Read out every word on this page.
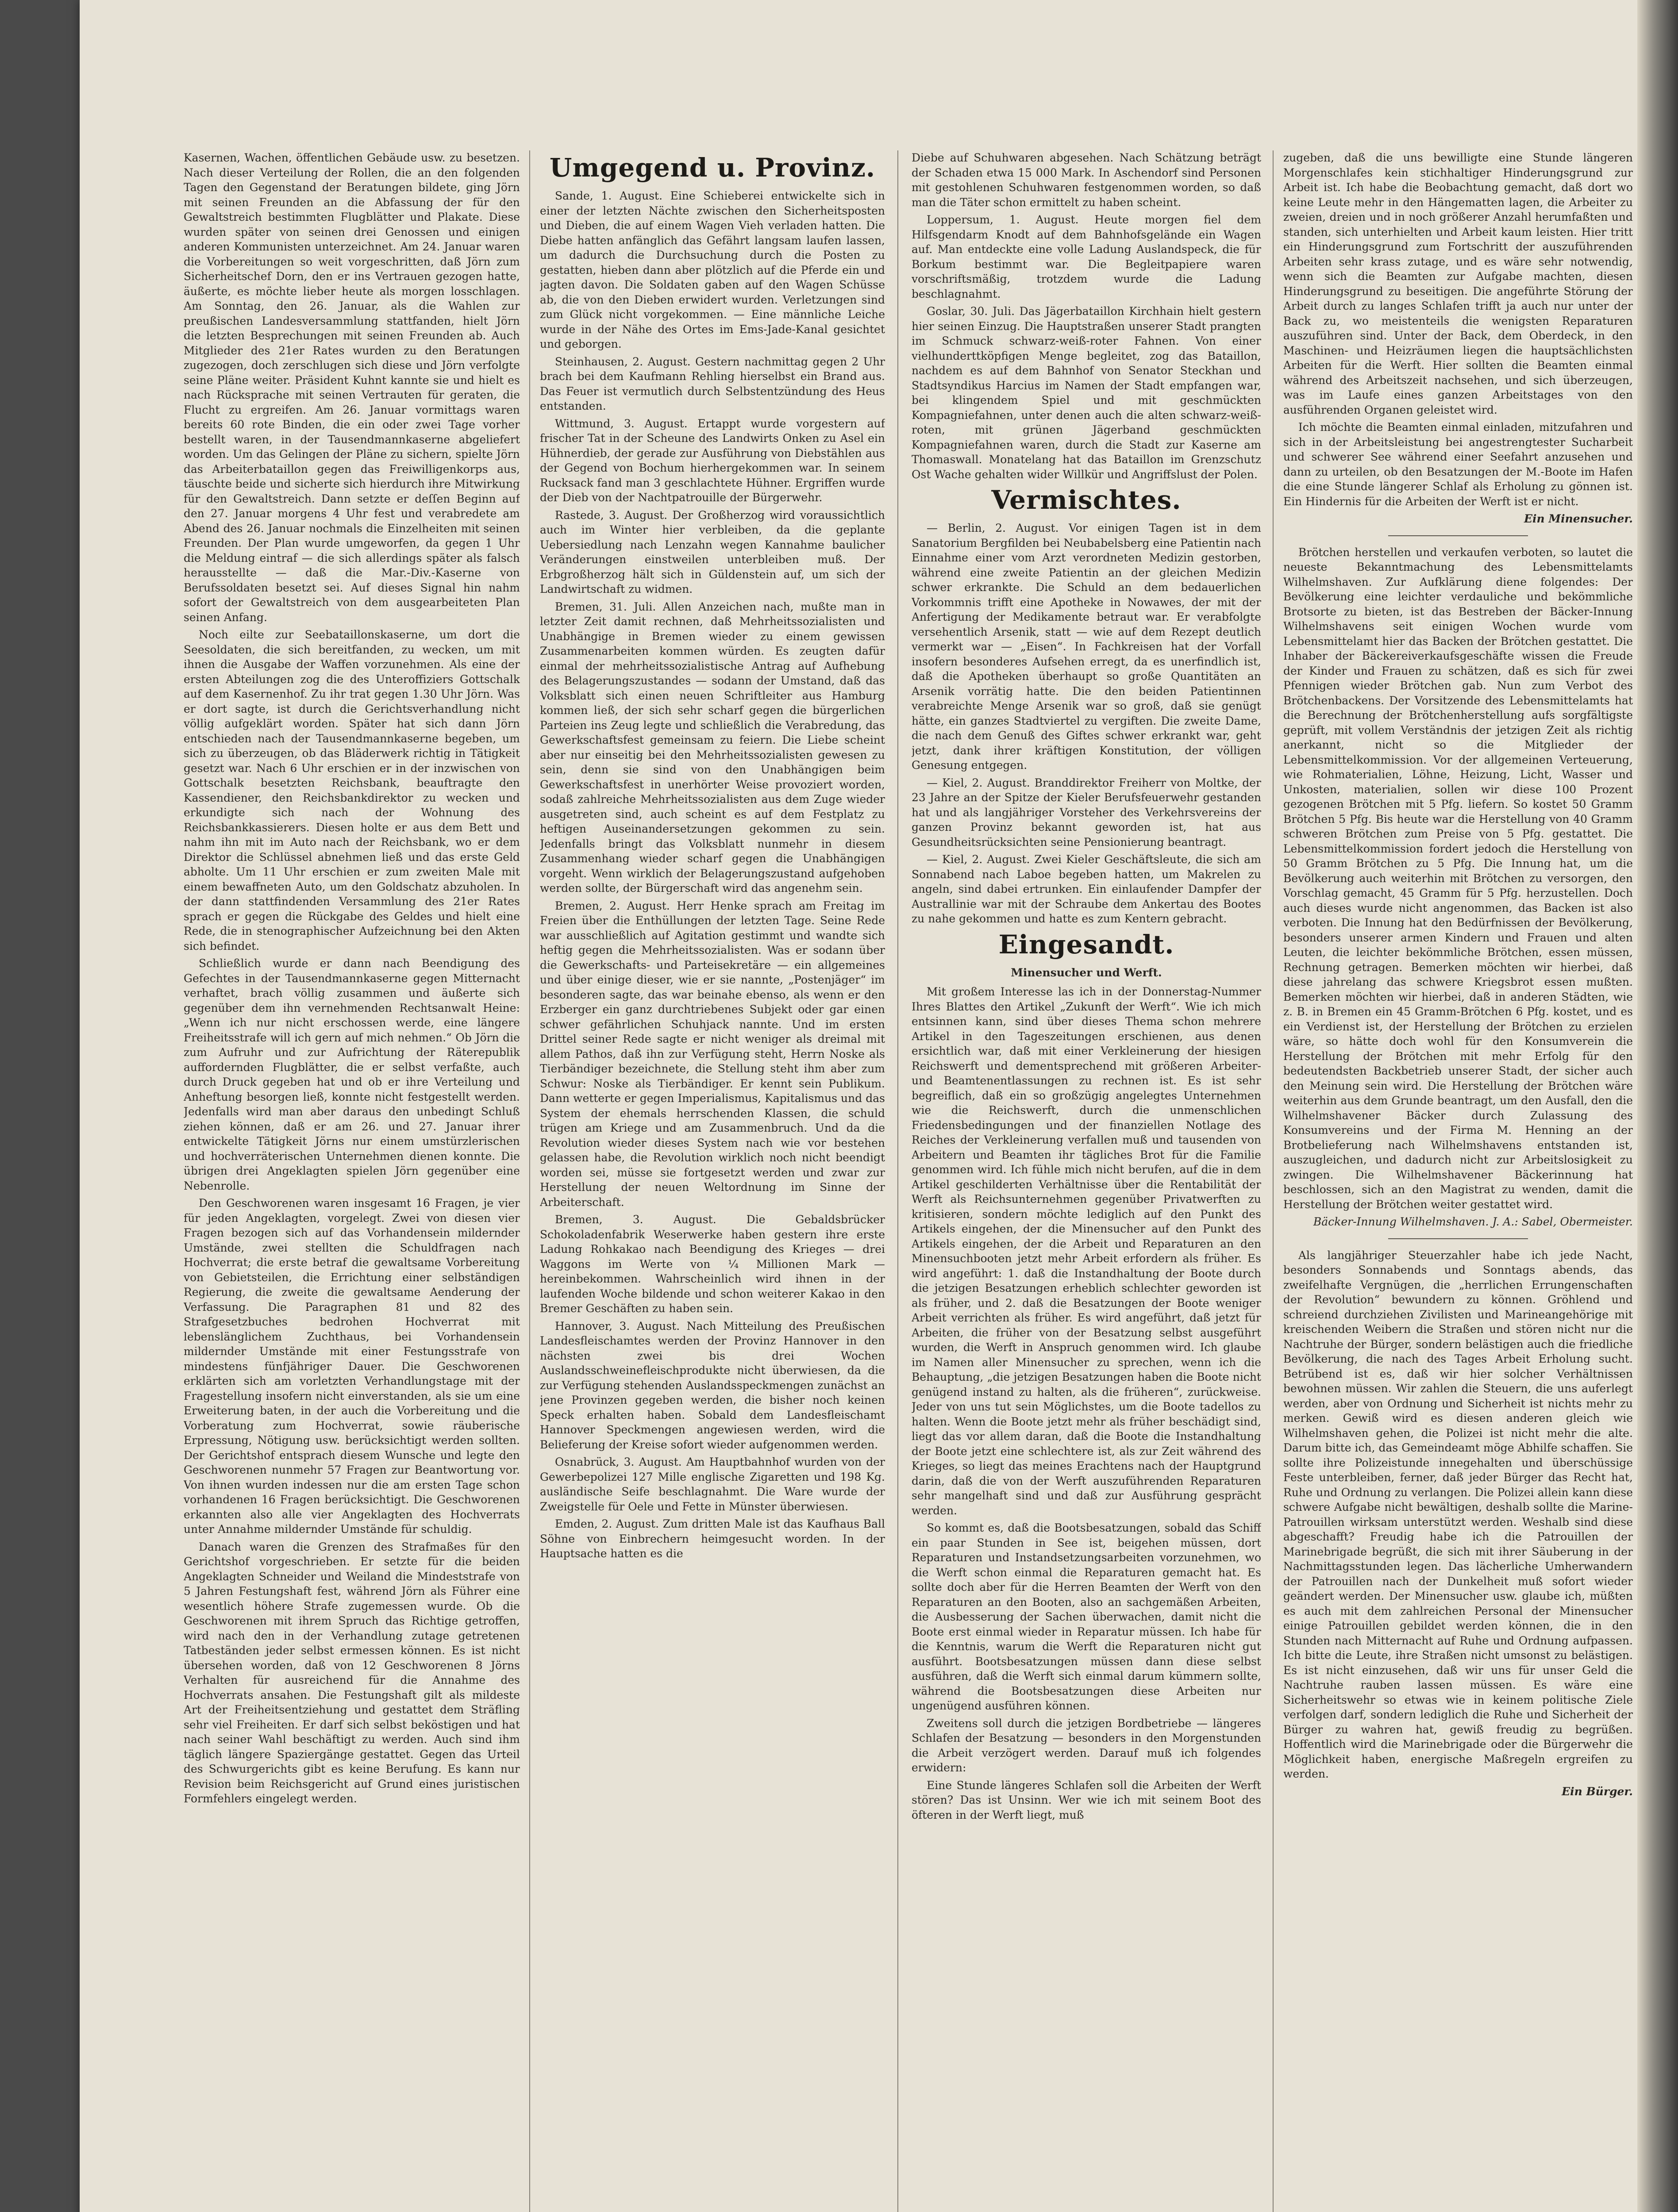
Kasernen, Wachen, öffentlichen Gebäude usw. zu besetzen. Nach dieser Verteilung der Rollen, die an den folgenden Tagen den Gegenstand der Beratungen bildete, ging Jörn mit seinen Freunden an die Abfassung der für den Gewaltstreich bestimmten Flugblätter und Plakate. Diese wurden später von seinen drei Genossen und einigen anderen Kommunisten unterzeichnet. Am 24. Januar waren die Vorbereitungen so weit vorgeschritten, daß Jörn zum Sicherheitschef Dorn, den er ins Vertrauen gezogen hatte, äußerte, es möchte lieber heute als morgen losschlagen. Am Sonntag, den 26. Januar, als die Wahlen zur preußischen Landesversammlung stattfanden, hielt Jörn die letzten Besprechungen mit seinen Freunden ab. Auch Mitglieder des 21er Rates wurden zu den Beratungen zugezogen, doch zerschlugen sich diese und Jörn verfolgte seine Pläne weiter. Präsident Kuhnt kannte sie und hielt es nach Rücksprache mit seinen Vertrauten für geraten, die Flucht zu ergreifen. Am 26. Januar vormittags waren bereits 60 rote Binden, die ein oder zwei Tage vorher bestellt waren, in der Tausendmannkaserne abgeliefert worden. Um das Gelingen der Pläne zu sichern, spielte Jörn das Arbeiterbataillon gegen das Freiwilligenkorps aus, täuschte beide und sicherte sich hierdurch ihre Mitwirkung für den Gewaltstreich. Dann setzte er deſſen Beginn auf den 27. Januar morgens 4 Uhr fest und verabredete am Abend des 26. Januar nochmals die Einzelheiten mit seinen Freunden. Der Plan wurde umgeworfen, da gegen 1 Uhr die Meldung eintraf — die sich allerdings später als falsch herausstellte — daß die Mar.-Div.-Kaserne von Berufssoldaten besetzt sei. Auf dieses Signal hin nahm sofort der Gewaltstreich von dem ausgearbeiteten Plan seinen Anfang.

Noch eilte zur Seebataillonskaserne, um dort die Seesoldaten, die sich bereitfanden, zu wecken, um mit ihnen die Ausgabe der Waffen vorzunehmen. Als eine der ersten Abteilungen zog die des Unteroffiziers Gottschalk auf dem Kasernenhof. Zu ihr trat gegen 1.30 Uhr Jörn. Was er dort sagte, ist durch die Gerichtsverhandlung nicht völlig aufgeklärt worden. Später hat sich dann Jörn entschieden nach der Tausendmannkaserne begeben, um sich zu überzeugen, ob das Bläderwerk richtig in Tätigkeit gesetzt war. Nach 6 Uhr erschien er in der inzwischen von Gottschalk besetzten Reichsbank, beauftragte den Kassendiener, den Reichsbankdirektor zu wecken und erkundigte sich nach der Wohnung des Reichsbankkassierers. Diesen holte er aus dem Bett und nahm ihn mit im Auto nach der Reichsbank, wo er dem Direktor die Schlüssel abnehmen ließ und das erste Geld abholte. Um 11 Uhr erschien er zum zweiten Male mit einem bewaffneten Auto, um den Goldschatz abzuholen. In der dann stattfindenden Versammlung des 21er Rates sprach er gegen die Rückgabe des Geldes und hielt eine Rede, die in stenographischer Aufzeichnung bei den Akten sich befindet.

Schließlich wurde er dann nach Beendigung des Gefechtes in der Tausendmannkaserne gegen Mitternacht verhaftet, brach völlig zusammen und äußerte sich gegenüber dem ihn vernehmenden Rechtsanwalt Heine: „Wenn ich nur nicht erschossen werde, eine längere Freiheitsstrafe will ich gern auf mich nehmen.“ Ob Jörn die zum Aufruhr und zur Aufrichtung der Räterepublik auffordernden Flugblätter, die er selbst verfaßte, auch durch Druck gegeben hat und ob er ihre Verteilung und Anheftung besorgen ließ, konnte nicht festgestellt werden. Jedenfalls wird man aber daraus den unbedingt Schluß ziehen können, daß er am 26. und 27. Januar ihrer entwickelte Tätigkeit Jörns nur einem umstürzlerischen und hochverräterischen Unternehmen dienen konnte. Die übrigen drei Angeklagten spielen Jörn gegenüber eine Nebenrolle.

Den Geschworenen waren insgesamt 16 Fragen, je vier für jeden Angeklagten, vorgelegt. Zwei von diesen vier Fragen bezogen sich auf das Vorhandensein mildernder Umstände, zwei stellten die Schuldfragen nach Hochverrat; die erste betraf die gewaltsame Vorbereitung von Gebietsteilen, die Errichtung einer selbständigen Regierung, die zweite die gewaltsame Aenderung der Verfassung. Die Paragraphen 81 und 82 des Strafgesetzbuches bedrohen Hochverrat mit lebenslänglichem Zuchthaus, bei Vorhandensein mildernder Umstände mit einer Festungsstrafe von mindestens fünfjähriger Dauer. Die Geschworenen erklärten sich am vorletzten Verhandlungstage mit der Fragestellung insofern nicht einverstanden, als sie um eine Erweiterung baten, in der auch die Vorbereitung und die Vorberatung zum Hochverrat, sowie räuberische Erpressung, Nötigung usw. berücksichtigt werden sollten. Der Gerichtshof entsprach diesem Wunsche und legte den Geschworenen nunmehr 57 Fragen zur Beantwortung vor. Von ihnen wurden indessen nur die am ersten Tage schon vorhandenen 16 Fragen berücksichtigt. Die Geschworenen erkannten also alle vier Angeklagten des Hochverrats unter Annahme mildernder Umstände für schuldig.

Danach waren die Grenzen des Strafmaßes für den Gerichtshof vorgeschrieben. Er setzte für die beiden Angeklagten Schneider und Weiland die Mindeststrafe von 5 Jahren Festungshaft fest, während Jörn als Führer eine wesentlich höhere Strafe zugemessen wurde. Ob die Geschworenen mit ihrem Spruch das Richtige getroffen, wird nach den in der Verhandlung zutage getretenen Tatbeständen jeder selbst ermessen können. Es ist nicht übersehen worden, daß von 12 Geschworenen 8 Jörns Verhalten für ausreichend für die Annahme des Hochverrats ansahen. Die Festungshaft gilt als mildeste Art der Freiheitsentziehung und gestattet dem Sträfling sehr viel Freiheiten. Er darf sich selbst beköstigen und hat nach seiner Wahl beschäftigt zu werden. Auch sind ihm täglich längere Spaziergänge gestattet. Gegen das Urteil des Schwurgerichts gibt es keine Berufung. Es kann nur Revision beim Reichsgericht auf Grund eines juristischen Formfehlers eingelegt werden.

Umgegend u. Provinz.

Sande, 1. August. Eine Schieberei entwickelte sich in einer der letzten Nächte zwischen den Sicherheitsposten und Dieben, die auf einem Wagen Vieh verladen hatten. Die Diebe hatten anfänglich das Gefährt langsam laufen lassen, um dadurch die Durchsuchung durch die Posten zu gestatten, hieben dann aber plötzlich auf die Pferde ein und jagten davon. Die Soldaten gaben auf den Wagen Schüsse ab, die von den Dieben erwidert wurden. Verletzungen sind zum Glück nicht vorgekommen. — Eine männliche Leiche wurde in der Nähe des Ortes im Ems-Jade-Kanal gesichtet und geborgen.

Steinhausen, 2. August. Gestern nachmittag gegen 2 Uhr brach bei dem Kaufmann Rehling hierselbst ein Brand aus. Das Feuer ist vermutlich durch Selbstentzündung des Heus entstanden.

Wittmund, 3. August. Ertappt wurde vorgestern auf frischer Tat in der Scheune des Landwirts Onken zu Asel ein Hühnerdieb, der gerade zur Ausführung von Diebstählen aus der Gegend von Bochum hierhergekommen war. In seinem Rucksack fand man 3 geschlachtete Hühner. Ergriffen wurde der Dieb von der Nachtpatrouille der Bürgerwehr.

Rastede, 3. August. Der Großherzog wird voraussichtlich auch im Winter hier verbleiben, da die geplante Uebersiedlung nach Lenzahn wegen Kannahme baulicher Veränderungen einstweilen unterbleiben muß. Der Erbgroßherzog hält sich in Güldenstein auf, um sich der Landwirtschaft zu widmen.

Bremen, 31. Juli. Allen Anzeichen nach, mußte man in letzter Zeit damit rechnen, daß Mehrheitssozialisten und Unabhängige in Bremen wieder zu einem gewissen Zusammenarbeiten kommen würden. Es zeugten dafür einmal der mehrheitssozialistische Antrag auf Aufhebung des Belagerungszustandes — sodann der Umstand, daß das Volksblatt sich einen neuen Schriftleiter aus Hamburg kommen ließ, der sich sehr scharf gegen die bürgerlichen Parteien ins Zeug legte und schließlich die Verabredung, das Gewerkschaftsfest gemeinsam zu feiern. Die Liebe scheint aber nur einseitig bei den Mehrheitssozialisten gewesen zu sein, denn sie sind von den Unabhängigen beim Gewerkschaftsfest in unerhörter Weise provoziert worden, sodaß zahlreiche Mehrheitssozialisten aus dem Zuge wieder ausgetreten sind, auch scheint es auf dem Festplatz zu heftigen Auseinandersetzungen gekommen zu sein. Jedenfalls bringt das Volksblatt nunmehr in diesem Zusammenhang wieder scharf gegen die Unabhängigen vorgeht. Wenn wirklich der Belagerungszustand aufgehoben werden sollte, der Bürgerschaft wird das angenehm sein.

Bremen, 2. August. Herr Henke sprach am Freitag im Freien über die Enthüllungen der letzten Tage. Seine Rede war ausschließlich auf Agitation gestimmt und wandte sich heftig gegen die Mehrheitssozialisten. Was er sodann über die Gewerkschafts- und Parteisekretäre — ein allgemeines und über einige dieser, wie er sie nannte, „Postenjäger“ im besonderen sagte, das war beinahe ebenso, als wenn er den Erzberger ein ganz durchtriebenes Subjekt oder gar einen schwer gefährlichen Schuhjack nannte. Und im ersten Drittel seiner Rede sagte er nicht weniger als dreimal mit allem Pathos, daß ihn zur Verfügung steht, Herrn Noske als Tierbändiger bezeichnete, die Stellung steht ihm aber zum Schwur: Noske als Tierbändiger. Er kennt sein Publikum. Dann wetterte er gegen Imperialismus, Kapitalismus und das System der ehemals herrschenden Klassen, die schuld trügen am Kriege und am Zusammenbruch. Und da die Revolution wieder dieses System nach wie vor bestehen gelassen habe, die Revolution wirklich noch nicht beendigt worden sei, müsse sie fortgesetzt werden und zwar zur Herstellung der neuen Weltordnung im Sinne der Arbeiterschaft.

Bremen, 3. August. Die Gebaldsbrücker Schokoladenfabrik Weserwerke haben gestern ihre erste Ladung Rohkakao nach Beendigung des Krieges — drei Waggons im Werte von ¼ Millionen Mark — hereinbekommen. Wahrscheinlich wird ihnen in der laufenden Woche bildende und schon weiterer Kakao in den Bremer Geschäften zu haben sein.

Hannover, 3. August. Nach Mitteilung des Preußischen Landesfleischamtes werden der Provinz Hannover in den nächsten zwei bis drei Wochen Auslandsschweinefleischprodukte nicht überwiesen, da die zur Verfügung stehenden Auslandsspeckmengen zunächst an jene Provinzen gegeben werden, die bisher noch keinen Speck erhalten haben. Sobald dem Landesfleischamt Hannover Speckmengen angewiesen werden, wird die Belieferung der Kreise sofort wieder aufgenommen werden.

Osnabrück, 3. August. Am Hauptbahnhof wurden von der Gewerbepolizei 127 Mille englische Zigaretten und 198 Kg. ausländische Seife beschlagnahmt. Die Ware wurde der Zweigstelle für Oele und Fette in Münster überwiesen.

Emden, 2. August. Zum dritten Male ist das Kaufhaus Ball Söhne von Einbrechern heimgesucht worden. In der Hauptsache hatten es die

Diebe auf Schuhwaren abgesehen. Nach Schätzung beträgt der Schaden etwa 15 000 Mark. In Aschendorf sind Personen mit gestohlenen Schuhwaren festgenommen worden, so daß man die Täter schon ermittelt zu haben scheint.

Loppersum, 1. August. Heute morgen fiel dem Hilfsgendarm Knodt auf dem Bahnhofsgelände ein Wagen auf. Man entdeckte eine volle Ladung Auslandspeck, die für Borkum bestimmt war. Die Begleitpapiere waren vorschriftsmäßig, trotzdem wurde die Ladung beschlagnahmt.

Goslar, 30. Juli. Das Jägerbataillon Kirchhain hielt gestern hier seinen Einzug. Die Hauptstraßen unserer Stadt prangten im Schmuck schwarz-weiß-roter Fahnen. Von einer vielhunderttköpfigen Menge begleitet, zog das Bataillon, nachdem es auf dem Bahnhof von Senator Steckhan und Stadtsyndikus Harcius im Namen der Stadt empfangen war, bei klingendem Spiel und mit geschmückten Kompagniefahnen, unter denen auch die alten schwarz-weiß-roten, mit grünen Jägerband geschmückten Kompagniefahnen waren, durch die Stadt zur Kaserne am Thomaswall. Monatelang hat das Bataillon im Grenzschutz Ost Wache gehalten wider Willkür und Angriffslust der Polen.

Vermischtes.

— Berlin, 2. August. Vor einigen Tagen ist in dem Sanatorium Bergfilden bei Neubabelsberg eine Patientin nach Einnahme einer vom Arzt verordneten Medizin gestorben, während eine zweite Patientin an der gleichen Medizin schwer erkrankte. Die Schuld an dem bedauerlichen Vorkommnis trifft eine Apotheke in Nowawes, der mit der Anfertigung der Medikamente betraut war. Er verabfolgte versehentlich Arsenik, statt — wie auf dem Rezept deutlich vermerkt war — „Eisen“. In Fachkreisen hat der Vorfall insofern besonderes Aufsehen erregt, da es unerfindlich ist, daß die Apotheken überhaupt so große Quantitäten an Arsenik vorrätig hatte. Die den beiden Patientinnen verabreichte Menge Arsenik war so groß, daß sie genügt hätte, ein ganzes Stadtviertel zu vergiften. Die zweite Dame, die nach dem Genuß des Giftes schwer erkrankt war, geht jetzt, dank ihrer kräftigen Konstitution, der völligen Genesung entgegen.

— Kiel, 2. August. Branddirektor Freiherr von Moltke, der 23 Jahre an der Spitze der Kieler Berufsfeuerwehr gestanden hat und als langjähriger Vorsteher des Verkehrsvereins der ganzen Provinz bekannt geworden ist, hat aus Gesundheitsrücksichten seine Pensionierung beantragt.

— Kiel, 2. August. Zwei Kieler Geschäftsleute, die sich am Sonnabend nach Laboe begeben hatten, um Makrelen zu angeln, sind dabei ertrunken. Ein einlaufender Dampfer der Australlinie war mit der Schraube dem Ankertau des Bootes zu nahe gekommen und hatte es zum Kentern gebracht.

Eingesandt.
Minensucher und Werft.

Mit großem Interesse las ich in der Donnerstag-Nummer Ihres Blattes den Artikel „Zukunft der Werft“. Wie ich mich entsinnen kann, sind über dieses Thema schon mehrere Artikel in den Tageszeitungen erschienen, aus denen ersichtlich war, daß mit einer Verkleinerung der hiesigen Reichswerft und dementsprechend mit größeren Arbeiter- und Beamtenentlassungen zu rechnen ist. Es ist sehr begreiflich, daß ein so großzügig angelegtes Unternehmen wie die Reichswerft, durch die unmenschlichen Friedensbedingungen und der finanziellen Notlage des Reiches der Verkleinerung verfallen muß und tausenden von Arbeitern und Beamten ihr tägliches Brot für die Familie genommen wird. Ich fühle mich nicht berufen, auf die in dem Artikel geschilderten Verhältnisse über die Rentabilität der Werft als Reichsunternehmen gegenüber Privatwerften zu kritisieren, sondern möchte lediglich auf den Punkt des Artikels eingehen, der die Minensucher auf den Punkt des Artikels eingehen, der die Arbeit und Reparaturen an den Minensuchbooten jetzt mehr Arbeit erfordern als früher. Es wird angeführt: 1. daß die Instandhaltung der Boote durch die jetzigen Besatzungen erheblich schlechter geworden ist als früher, und 2. daß die Besatzungen der Boote weniger Arbeit verrichten als früher. Es wird angeführt, daß jetzt für Arbeiten, die früher von der Besatzung selbst ausgeführt wurden, die Werft in Anspruch genommen wird. Ich glaube im Namen aller Minensucher zu sprechen, wenn ich die Behauptung, „die jetzigen Besatzungen haben die Boote nicht genügend instand zu halten, als die früheren“, zurückweise. Jeder von uns tut sein Möglichstes, um die Boote tadellos zu halten. Wenn die Boote jetzt mehr als früher beschädigt sind, liegt das vor allem daran, daß die Boote die Instandhaltung der Boote jetzt eine schlechtere ist, als zur Zeit während des Krieges, so liegt das meines Erachtens nach der Hauptgrund darin, daß die von der Werft auszuführenden Reparaturen sehr mangelhaft sind und daß zur Ausführung gesprächt werden.

So kommt es, daß die Bootsbesatzungen, sobald das Schiff ein paar Stunden in See ist, beigehen müssen, dort Reparaturen und Instandsetzungsarbeiten vorzunehmen, wo die Werft schon einmal die Reparaturen gemacht hat. Es sollte doch aber für die Herren Beamten der Werft von den Reparaturen an den Booten, also an sachgemäßen Arbeiten, die Ausbesserung der Sachen überwachen, damit nicht die Boote erst einmal wieder in Reparatur müssen. Ich habe für die Kenntnis, warum die Werft die Reparaturen nicht gut ausführt. Bootsbesatzungen müssen dann diese selbst ausführen, daß die Werft sich einmal darum kümmern sollte, während die Bootsbesatzungen diese Arbeiten nur ungenügend ausführen können.

Zweitens soll durch die jetzigen Bordbetriebe — längeres Schlafen der Besatzung — besonders in den Morgenstunden die Arbeit verzögert werden. Darauf muß ich folgendes erwidern:

Eine Stunde längeres Schlafen soll die Arbeiten der Werft stören? Das ist Unsinn. Wer wie ich mit seinem Boot des öfteren in der Werft liegt, muß

zugeben, daß die uns bewilligte eine Stunde längeren Morgenschlafes kein stichhaltiger Hinderungsgrund zur Arbeit ist. Ich habe die Beobachtung gemacht, daß dort wo keine Leute mehr in den Hängematten lagen, die Arbeiter zu zweien, dreien und in noch größerer Anzahl herumfaßten und standen, sich unterhielten und Arbeit kaum leisten. Hier tritt ein Hinderungsgrund zum Fortschritt der auszuführenden Arbeiten sehr krass zutage, und es wäre sehr notwendig, wenn sich die Beamten zur Aufgabe machten, diesen Hinderungsgrund zu beseitigen. Die angeführte Störung der Arbeit durch zu langes Schlafen trifft ja auch nur unter der Back zu, wo meistenteils die wenigsten Reparaturen auszuführen sind. Unter der Back, dem Oberdeck, in den Maschinen- und Heizräumen liegen die hauptsächlichsten Arbeiten für die Werft. Hier sollten die Beamten einmal während des Arbeitszeit nachsehen, und sich überzeugen, was im Laufe eines ganzen Arbeitstages von den ausführenden Organen geleistet wird.

Ich möchte die Beamten einmal einladen, mitzufahren und sich in der Arbeitsleistung bei angestrengtester Sucharbeit und schwerer See während einer Seefahrt anzusehen und dann zu urteilen, ob den Besatzungen der M.-Boote im Hafen die eine Stunde längerer Schlaf als Erholung zu gönnen ist. Ein Hindernis für die Arbeiten der Werft ist er nicht.

Ein Minensucher.

Brötchen herstellen und verkaufen verboten, so lautet die neueste Bekanntmachung des Lebensmittelamts Wilhelmshaven. Zur Aufklärung diene folgendes: Der Bevölkerung eine leichter verdauliche und bekömmliche Brotsorte zu bieten, ist das Bestreben der Bäcker-Innung Wilhelmshavens seit einigen Wochen wurde vom Lebensmittelamt hier das Backen der Brötchen gestattet. Die Inhaber der Bäckereiverkaufsgeschäfte wissen die Freude der Kinder und Frauen zu schätzen, daß es sich für zwei Pfennigen wieder Brötchen gab. Nun zum Verbot des Brötchenbackens. Der Vorsitzende des Lebensmittelamts hat die Berechnung der Brötchenherstellung aufs sorgfältigste geprüft, mit vollem Verständnis der jetzigen Zeit als richtig anerkannt, nicht so die Mitglieder der Lebensmittelkommission. Vor der allgemeinen Verteuerung, wie Rohmaterialien, Löhne, Heizung, Licht, Wasser und Unkosten, materialien, sollen wir diese 100 Prozent gezogenen Brötchen mit 5 Pfg. liefern. So kostet 50 Gramm Brötchen 5 Pfg. Bis heute war die Herstellung von 40 Gramm schweren Brötchen zum Preise von 5 Pfg. gestattet. Die Lebensmittelkommission fordert jedoch die Herstellung von 50 Gramm Brötchen zu 5 Pfg. Die Innung hat, um die Bevölkerung auch weiterhin mit Brötchen zu versorgen, den Vorschlag gemacht, 45 Gramm für 5 Pfg. herzustellen. Doch auch dieses wurde nicht angenommen, das Backen ist also verboten. Die Innung hat den Bedürfnissen der Bevölkerung, besonders unserer armen Kindern und Frauen und alten Leuten, die leichter bekömmliche Brötchen, essen müssen, Rechnung getragen. Bemerken möchten wir hierbei, daß diese jahrelang das schwere Kriegsbrot essen mußten. Bemerken möchten wir hierbei, daß in anderen Städten, wie z. B. in Bremen ein 45 Gramm-Brötchen 6 Pfg. kostet, und es ein Verdienst ist, der Herstellung der Brötchen zu erzielen wäre, so hätte doch wohl für den Konsumverein die Herstellung der Brötchen mit mehr Erfolg für den bedeutendsten Backbetrieb unserer Stadt, der sicher auch den Meinung sein wird. Die Herstellung der Brötchen wäre weiterhin aus dem Grunde beantragt, um den Ausfall, den die Wilhelmshavener Bäcker durch Zulassung des Konsumvereins und der Firma M. Henning an der Brotbelieferung nach Wilhelmshavens entstanden ist, auszugleichen, und dadurch nicht zur Arbeitslosigkeit zu zwingen. Die Wilhelmshavener Bäckerinnung hat beschlossen, sich an den Magistrat zu wenden, damit die Herstellung der Brötchen weiter gestattet wird.

Bäcker-Innung Wilhelmshaven. J. A.: Sabel, Obermeister.

Als langjähriger Steuerzahler habe ich jede Nacht, besonders Sonnabends und Sonntags abends, das zweifelhafte Vergnügen, die „herrlichen Errungenschaften der Revolution“ bewundern zu können. Gröhlend und schreiend durchziehen Zivilisten und Marineangehörige mit kreischenden Weibern die Straßen und stören nicht nur die Nachtruhe der Bürger, sondern belästigen auch die friedliche Bevölkerung, die nach des Tages Arbeit Erholung sucht. Betrübend ist es, daß wir hier solcher Verhältnissen bewohnen müssen. Wir zahlen die Steuern, die uns auferlegt werden, aber von Ordnung und Sicherheit ist nichts mehr zu merken. Gewiß wird es diesen anderen gleich wie Wilhelmshaven gehen, die Polizei ist nicht mehr die alte. Darum bitte ich, das Gemeindeamt möge Abhilfe schaffen. Sie sollte ihre Polizeistunde innegehalten und überschüssige Feste unterbleiben, ferner, daß jeder Bürger das Recht hat, Ruhe und Ordnung zu verlangen. Die Polizei allein kann diese schwere Aufgabe nicht bewältigen, deshalb sollte die Marine-Patrouillen wirksam unterstützt werden. Weshalb sind diese abgeschafft? Freudig habe ich die Patrouillen der Marinebrigade begrüßt, die sich mit ihrer Säuberung in der Nachmittagsstunden legen. Das lächerliche Umherwandern der Patrouillen nach der Dunkelheit muß sofort wieder geändert werden. Der Minensucher usw. glaube ich, müßten es auch mit dem zahlreichen Personal der Minensucher einige Patrouillen gebildet werden können, die in den Stunden nach Mitternacht auf Ruhe und Ordnung aufpassen. Ich bitte die Leute, ihre Straßen nicht umsonst zu belästigen. Es ist nicht einzusehen, daß wir uns für unser Geld die Nachtruhe rauben lassen müssen. Es wäre eine Sicherheitswehr so etwas wie in keinem politische Ziele verfolgen darf, sondern lediglich die Ruhe und Sicherheit der Bürger zu wahren hat, gewiß freudig zu begrüßen. Hoffentlich wird die Marinebrigade oder die Bürgerwehr die Möglichkeit haben, energische Maßregeln ergreifen zu werden.

Ein Bürger.
